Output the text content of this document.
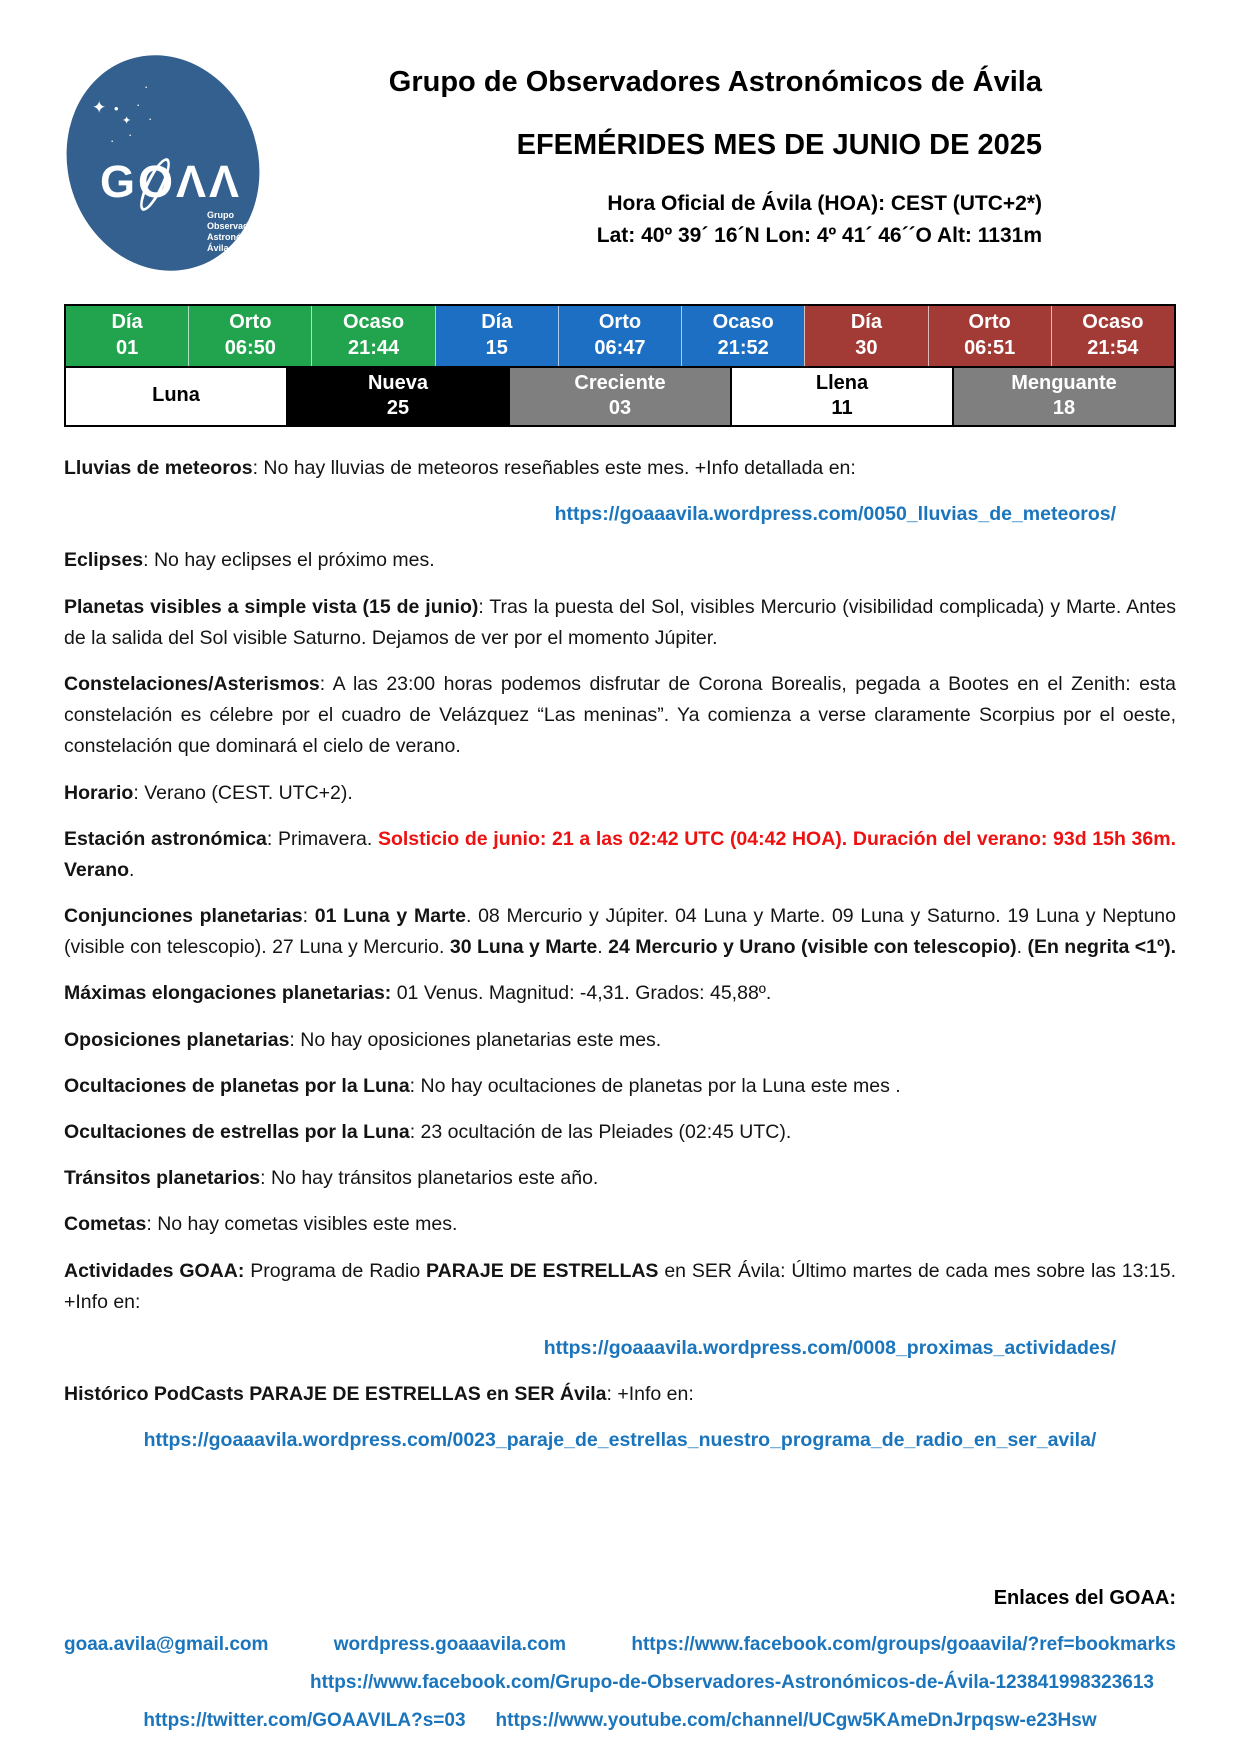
✦
✦
• ·
·
·
·
·
GOΛΛ
Grupo
Observadores
Astronómicos
Ávila
Grupo de Observadores Astronómicos de Ávila
EFEMÉRIDES MES DE JUNIO DE 2025
Hora Oficial de Ávila (HOA): CEST (UTC+2*)
Lat: 40º 39´ 16´N Lon: 4º 41´ 46´´O Alt: 1131m
Día
01
Orto
06:50
Ocaso
21:44
Día
15
Orto
06:47
Ocaso
21:52
Día
30
Orto
06:51
Ocaso
21:54
Luna
Nueva
25
Creciente
03
Llena
11
Menguante
18

Lluvias de meteoros: No hay lluvias de meteoros reseñables este mes. +Info detallada en:

https://goaaavila.wordpress.com/0050_lluvias_de_meteoros/

Eclipses: No hay eclipses el próximo mes.

Planetas visibles a simple vista (15 de junio): Tras la puesta del Sol, visibles Mercurio (visibilidad complicada) y Marte. Antes de la salida del Sol visible Saturno. Dejamos de ver por el momento Júpiter.

Constelaciones/Asterismos: A las 23:00 horas podemos disfrutar de Corona Borealis, pegada a Bootes en el Zenith: esta constelación es célebre por el cuadro de Velázquez “Las meninas”. Ya comienza a verse claramente Scorpius por el oeste, constelación que dominará el cielo de verano.

Horario: Verano (CEST. UTC+2).

Estación astronómica: Primavera. Solsticio de junio: 21 a las 02:42 UTC (04:42 HOA). Duración del verano: 93d 15h 36m. Verano.

Conjunciones planetarias: 01 Luna y Marte. 08 Mercurio y Júpiter. 04 Luna y Marte. 09 Luna y Saturno. 19 Luna y Neptuno (visible con telescopio). 27 Luna y Mercurio. 30 Luna y Marte. 24 Mercurio y Urano (visible con telescopio). (En negrita <1º).

Máximas elongaciones planetarias: 01 Venus. Magnitud: -4,31. Grados: 45,88º.

Oposiciones planetarias: No hay oposiciones planetarias este mes.

Ocultaciones de planetas por la Luna: No hay ocultaciones de planetas por la Luna este mes .

Ocultaciones de estrellas por la Luna: 23 ocultación de las Pleiades (02:45 UTC).

Tránsitos planetarios: No hay tránsitos planetarios este año.

Cometas: No hay cometas visibles este mes.

Actividades GOAA: Programa de Radio PARAJE DE ESTRELLAS en SER Ávila: Último martes de cada mes sobre las 13:15. +Info en:

https://goaaavila.wordpress.com/0008_proximas_actividades/

Histórico PodCasts PARAJE DE ESTRELLAS en SER Ávila: +Info en:

https://goaaavila.wordpress.com/0023_paraje_de_estrellas_nuestro_programa_de_radio_en_ser_avila/

Enlaces del GOAA:
goaa.avila@gmail.com	wordpress.goaaavila.com	https://www.facebook.com/groups/goaavila/?ref=bookmarks
https://www.facebook.com/Grupo-de-Observadores-Astronómicos-de-Ávila-123841998323613
https://twitter.com/GOAAVILA?s=03 https://www.youtube.com/channel/UCgw5KAmeDnJrpqsw-e23Hsw
